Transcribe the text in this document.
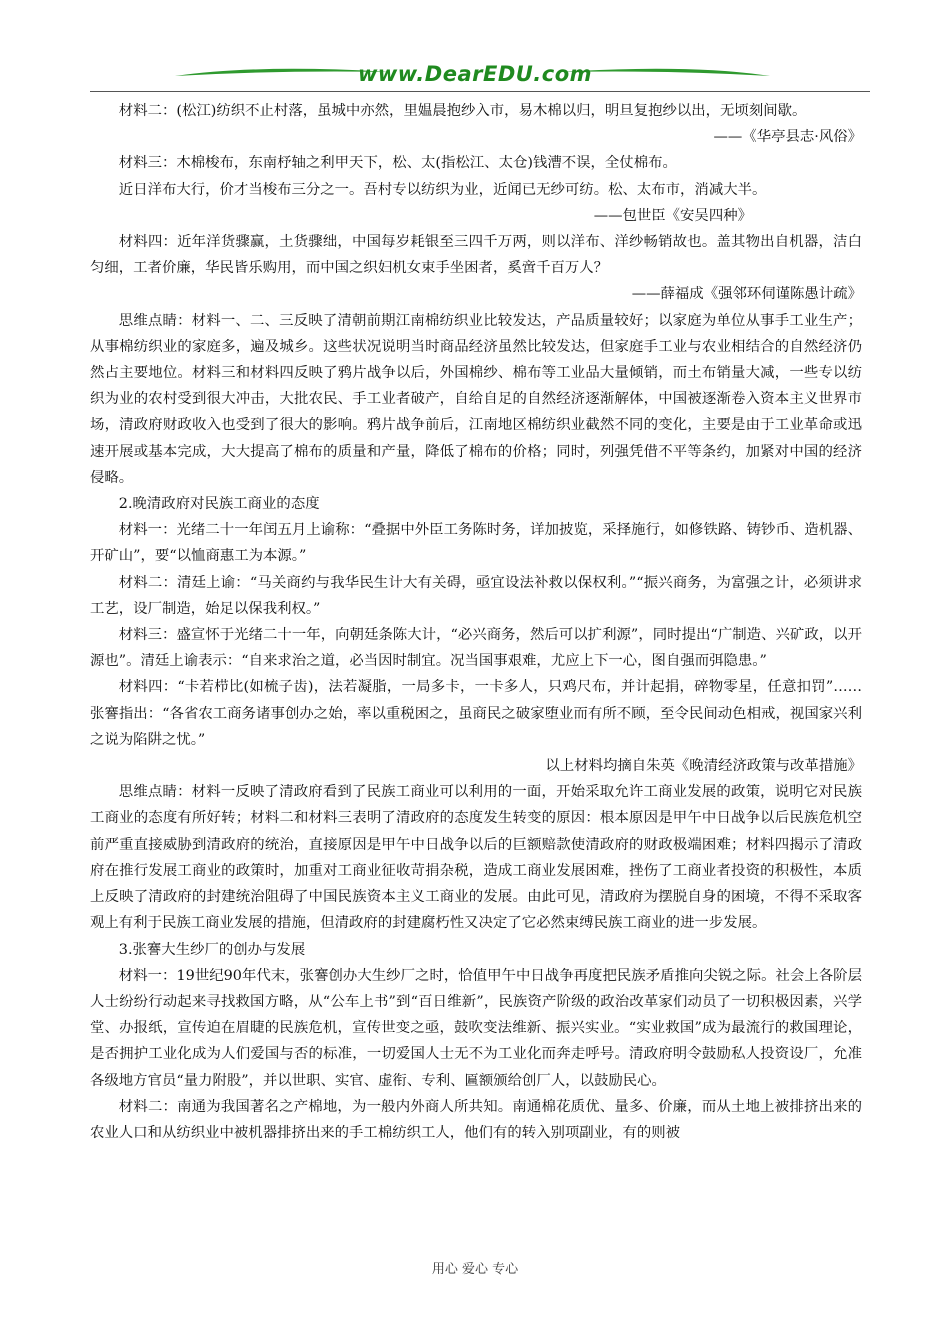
www.DearEDU.com

材料二：(松江)纺织不止村落，虽城中亦然，里媪晨抱纱入市，易木棉以归，明旦复抱纱以出，无顷刻间歇。

——《华亭县志·风俗》

材料三：木棉梭布，东南杼轴之利甲天下，松、太(指松江、太仓)钱漕不误，全仗棉布。

近日洋布大行，价才当梭布三分之一。吾村专以纺织为业，近闻已无纱可纺。松、太布市，消减大半。

——包世臣《安吴四种》

材料四：近年洋货骤赢，土货骤绌，中国每岁耗银至三四千万两，则以洋布、洋纱畅销故也。盖其物出自机器，洁白匀细，工者价廉，华民皆乐购用，而中国之织妇机女束手坐困者，奚啻千百万人？

——薛福成《强邻环伺谨陈愚计疏》

思维点睛：材料一、二、三反映了清朝前期江南棉纺织业比较发达，产品质量较好；以家庭为单位从事手工业生产；从事棉纺织业的家庭多，遍及城乡。这些状况说明当时商品经济虽然比较发达，但家庭手工业与农业相结合的自然经济仍然占主要地位。材料三和材料四反映了鸦片战争以后，外国棉纱、棉布等工业品大量倾销，而土布销量大减，一些专以纺织为业的农村受到很大冲击，大批农民、手工业者破产，自给自足的自然经济逐渐解体，中国被逐渐卷入资本主义世界市场，清政府财政收入也受到了很大的影响。鸦片战争前后，江南地区棉纺织业截然不同的变化，主要是由于工业革命或迅速开展或基本完成，大大提高了棉布的质量和产量，降低了棉布的价格；同时，列强凭借不平等条约，加紧对中国的经济侵略。

2.晚清政府对民族工商业的态度

材料一：光绪二十一年闰五月上谕称：“叠据中外臣工务陈时务，详加披览，采择施行，如修铁路、铸钞币、造机器、开矿山”，要“以恤商惠工为本源。”

材料二：清廷上谕：“马关商约与我华民生计大有关碍，亟宜设法补救以保权利。”“振兴商务，为富强之计，必须讲求工艺，设厂制造，始足以保我利权。”

材料三：盛宣怀于光绪二十一年，向朝廷条陈大计，“必兴商务，然后可以扩利源”，同时提出“广制造、兴矿政，以开源也”。清廷上谕表示：“自来求治之道，必当因时制宜。况当国事艰难，尤应上下一心，图自强而弭隐患。”

材料四：“卡若栉比(如梳子齿)，法若凝脂，一局多卡，一卡多人，只鸡尺布，并计起捐，碎物零星，任意扣罚”……张謇指出：“各省农工商务诸事创办之始，率以重税困之，虽商民之破家堕业而有所不顾，至令民间动色相戒，视国家兴利之说为陷阱之忧。”

以上材料均摘自朱英《晚清经济政策与改革措施》

思维点睛：材料一反映了清政府看到了民族工商业可以利用的一面，开始采取允许工商业发展的政策，说明它对民族工商业的态度有所好转；材料二和材料三表明了清政府的态度发生转变的原因：根本原因是甲午中日战争以后民族危机空前严重直接威胁到清政府的统治，直接原因是甲午中日战争以后的巨额赔款使清政府的财政极端困难；材料四揭示了清政府在推行发展工商业的政策时，加重对工商业征收苛捐杂税，造成工商业发展困难，挫伤了工商业者投资的积极性，本质上反映了清政府的封建统治阻碍了中国民族资本主义工商业的发展。由此可见，清政府为摆脱自身的困境，不得不采取客观上有利于民族工商业发展的措施，但清政府的封建腐朽性又决定了它必然束缚民族工商业的进一步发展。

3.张謇大生纱厂的创办与发展

材料一：19世纪90年代末，张謇创办大生纱厂之时，恰值甲午中日战争再度把民族矛盾推向尖锐之际。社会上各阶层人士纷纷行动起来寻找救国方略，从“公车上书”到“百日维新”，民族资产阶级的政治改革家们动员了一切积极因素，兴学堂、办报纸，宣传迫在眉睫的民族危机，宣传世变之亟，鼓吹变法维新、振兴实业。“实业救国”成为最流行的救国理论，是否拥护工业化成为人们爱国与否的标准，一切爱国人士无不为工业化而奔走呼号。清政府明令鼓励私人投资设厂，允准各级地方官员“量力附股”，并以世职、实官、虚衔、专利、匾额颁给创厂人，以鼓励民心。

材料二：南通为我国著名之产棉地，为一般内外商人所共知。南通棉花质优、量多、价廉，而从土地上被排挤出来的农业人口和从纺织业中被机器排挤出来的手工棉纺织工人，他们有的转入别项副业，有的则被

用心 爱心 专心
